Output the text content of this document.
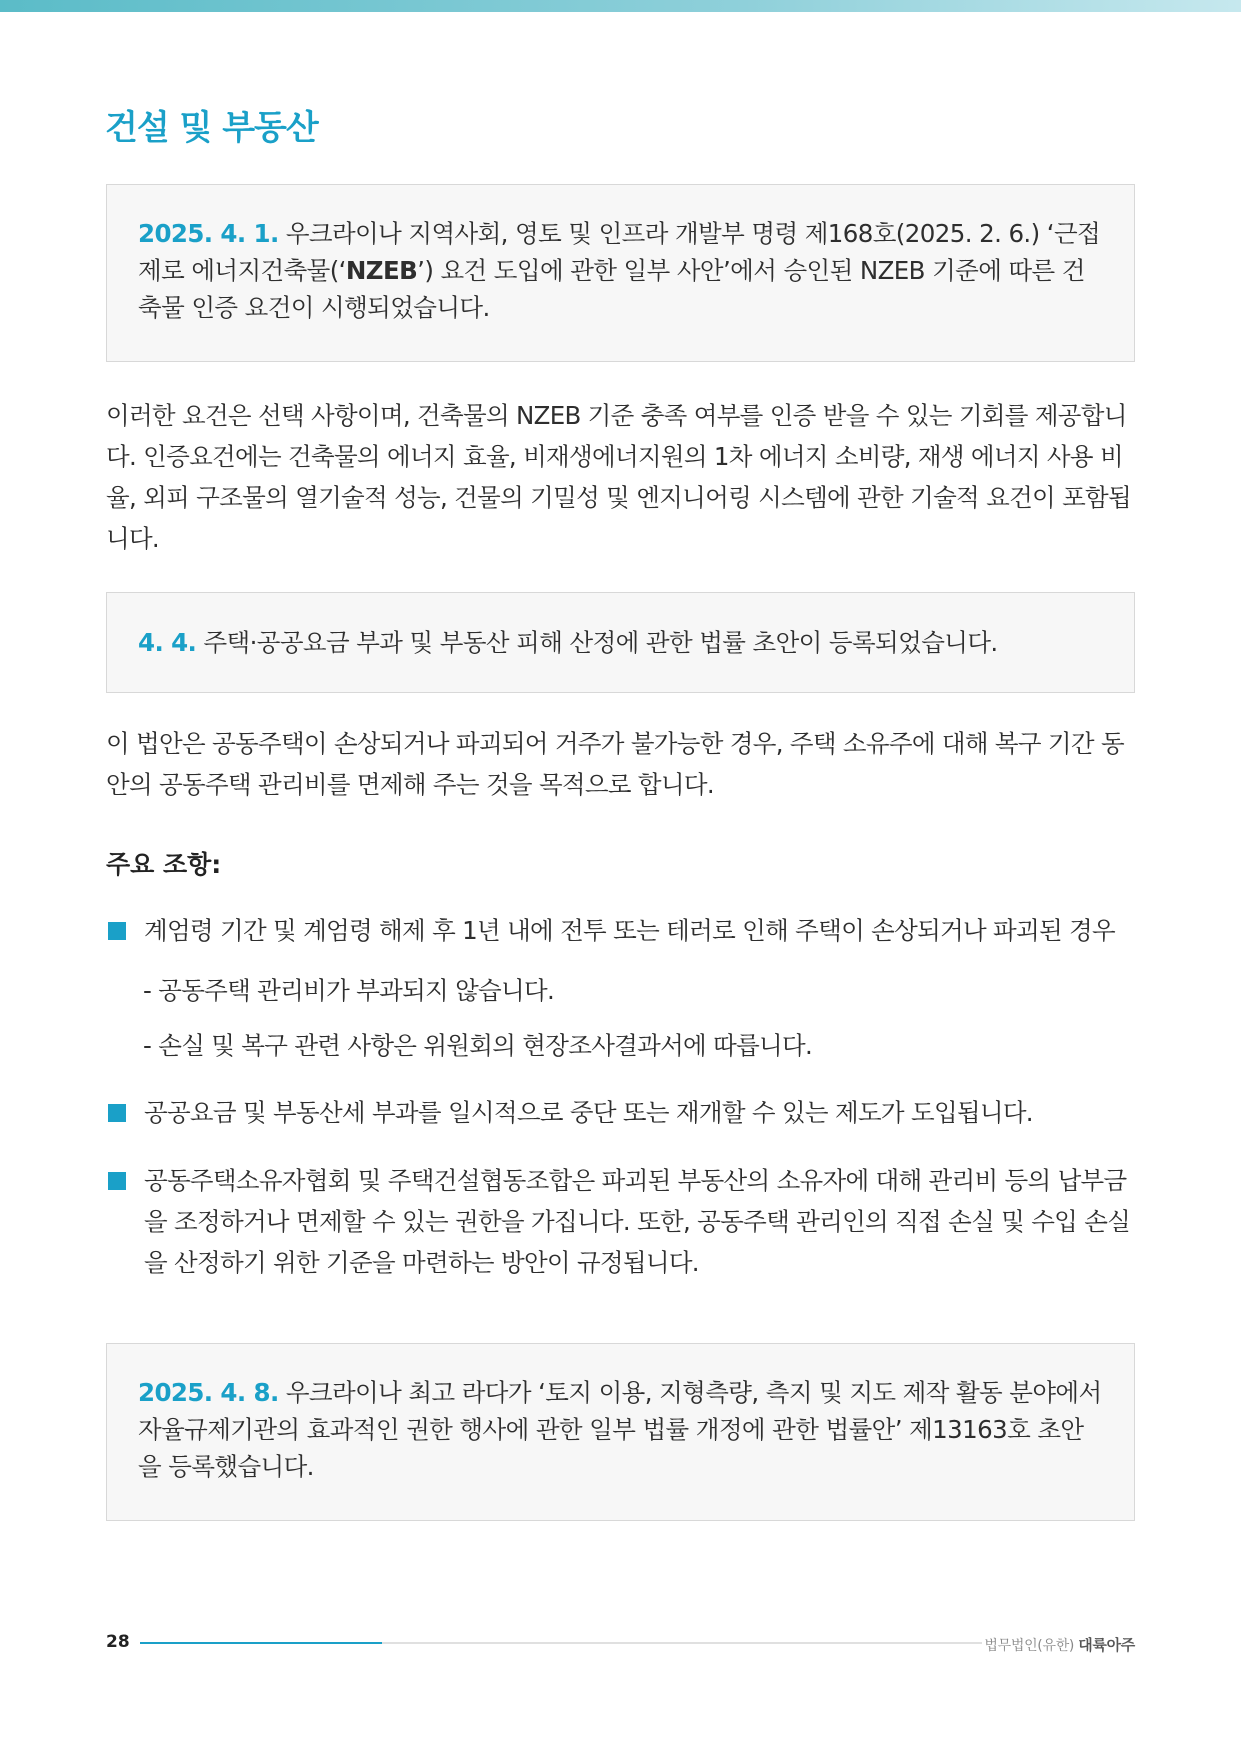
건설 및 부동산
2025. 4. 1. 우크라이나 지역사회, 영토 및 인프라 개발부 명령 제168호(2025. 2. 6.) ‘근접제로 에너지건축물(‘NZEB’) 요건 도입에 관한 일부 사안’에서 승인된 NZEB 기준에 따른 건축물 인증 요건이 시행되었습니다.

이러한 요건은 선택 사항이며, 건축물의 NZEB 기준 충족 여부를 인증 받을 수 있는 기회를 제공합니다. 인증요건에는 건축물의 에너지 효율, 비재생에너지원의 1차 에너지 소비량, 재생 에너지 사용 비율, 외피 구조물의 열기술적 성능, 건물의 기밀성 및 엔지니어링 시스템에 관한 기술적 요건이 포함됩니다.

4. 4. 주택·공공요금 부과 및 부동산 피해 산정에 관한 법률 초안이 등록되었습니다.

이 법안은 공동주택이 손상되거나 파괴되어 거주가 불가능한 경우, 주택 소유주에 대해 복구 기간 동안의 공동주택 관리비를 면제해 주는 것을 목적으로 합니다.

주요 조항:
계엄령 기간 및 계엄령 해제 후 1년 내에 전투 또는 테러로 인해 주택이 손상되거나 파괴된 경우
- 공동주택 관리비가 부과되지 않습니다.
- 손실 및 복구 관련 사항은 위원회의 현장조사결과서에 따릅니다.
공공요금 및 부동산세 부과를 일시적으로 중단 또는 재개할 수 있는 제도가 도입됩니다.
공동주택소유자협회 및 주택건설협동조합은 파괴된 부동산의 소유자에 대해 관리비 등의 납부금을 조정하거나 면제할 수 있는 권한을 가집니다. 또한, 공동주택 관리인의 직접 손실 및 수입 손실을 산정하기 위한 기준을 마련하는 방안이 규정됩니다.
2025. 4. 8. 우크라이나 최고 라다가 ‘토지 이용, 지형측량, 측지 및 지도 제작 활동 분야에서 자율규제기관의 효과적인 권한 행사에 관한 일부 법률 개정에 관한 법률안’ 제13163호 초안을 등록했습니다.
28	법무법인(유한) 대륙아주
